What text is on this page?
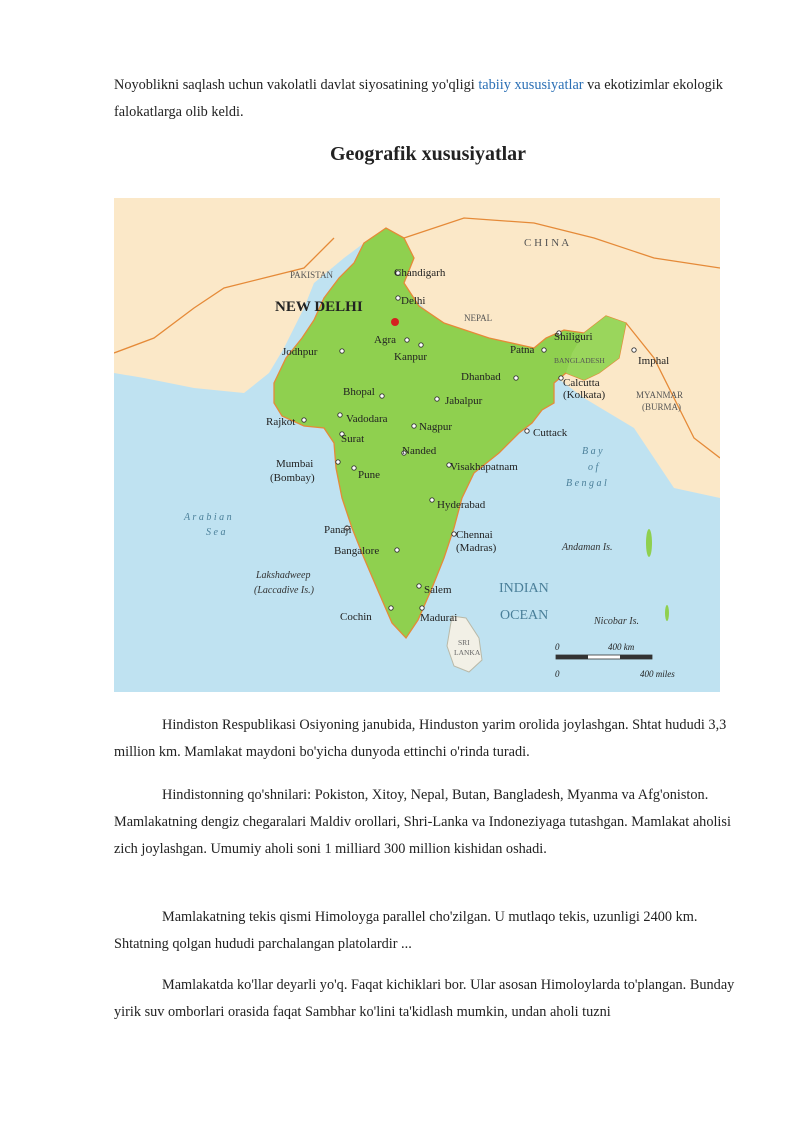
Noyoblikni saqlash uchun vakolatli davlat siyosatining yo'qligi tabiiy xususiyatlar va ekotizimlar ekologik falokatlarga olib keldi.

Geografik xususiyatlar
C H I N A
PAKISTAN
NEPAL
BANGLADESH
MYANMAR
(BURMA)
SRI
LANKA
NEW DELHI
Chandigarh
Delhi
Agra
Kanpur
Jodhpur	Patna
Shiliguri
Imphal
Dhanbad	Calcutta
(Kolkata)
Bhopal
Jabalpur
Rajkot	Vadodara
Surat
Nagpur	Cuttack
Nanded
Mumbai
(Bombay)	Pune
Visakhapatnam
Hyderabad
Panaji	Chennai
(Madras)
Bangalore
Salem
Madurai
Cochin
A r a b i a n
S e a
B a y
o f
B e n g a l
INDIAN
OCEAN
Lakshadweep
(Laccadive Is.)
Andaman Is.
Nicobar Is.
0	400 km
0	400 miles

Hindiston Respublikasi Osiyoning janubida, Hinduston yarim orolida joylashgan. Shtat hududi 3,3 million km. Mamlakat maydoni bo'yicha dunyoda ettinchi o'rinda turadi.

Hindistonning qo'shnilari: Pokiston, Xitoy, Nepal, Butan, Bangladesh, Myanma va Afg'oniston. Mamlakatning dengiz chegaralari Maldiv orollari, Shri-Lanka va Indoneziyaga tutashgan. Mamlakat aholisi zich joylashgan. Umumiy aholi soni 1 milliard 300 million kishidan oshadi.

Mamlakatning tekis qismi Himoloyga parallel cho'zilgan. U mutlaqo tekis, uzunligi 2400 km. Shtatning qolgan hududi parchalangan platolardir ...

Mamlakatda ko'llar deyarli yo'q. Faqat kichiklari bor. Ular asosan Himoloylarda to'plangan. Bunday yirik suv omborlari orasida faqat Sambhar ko'lini ta'kidlash mumkin, undan aholi tuzni
